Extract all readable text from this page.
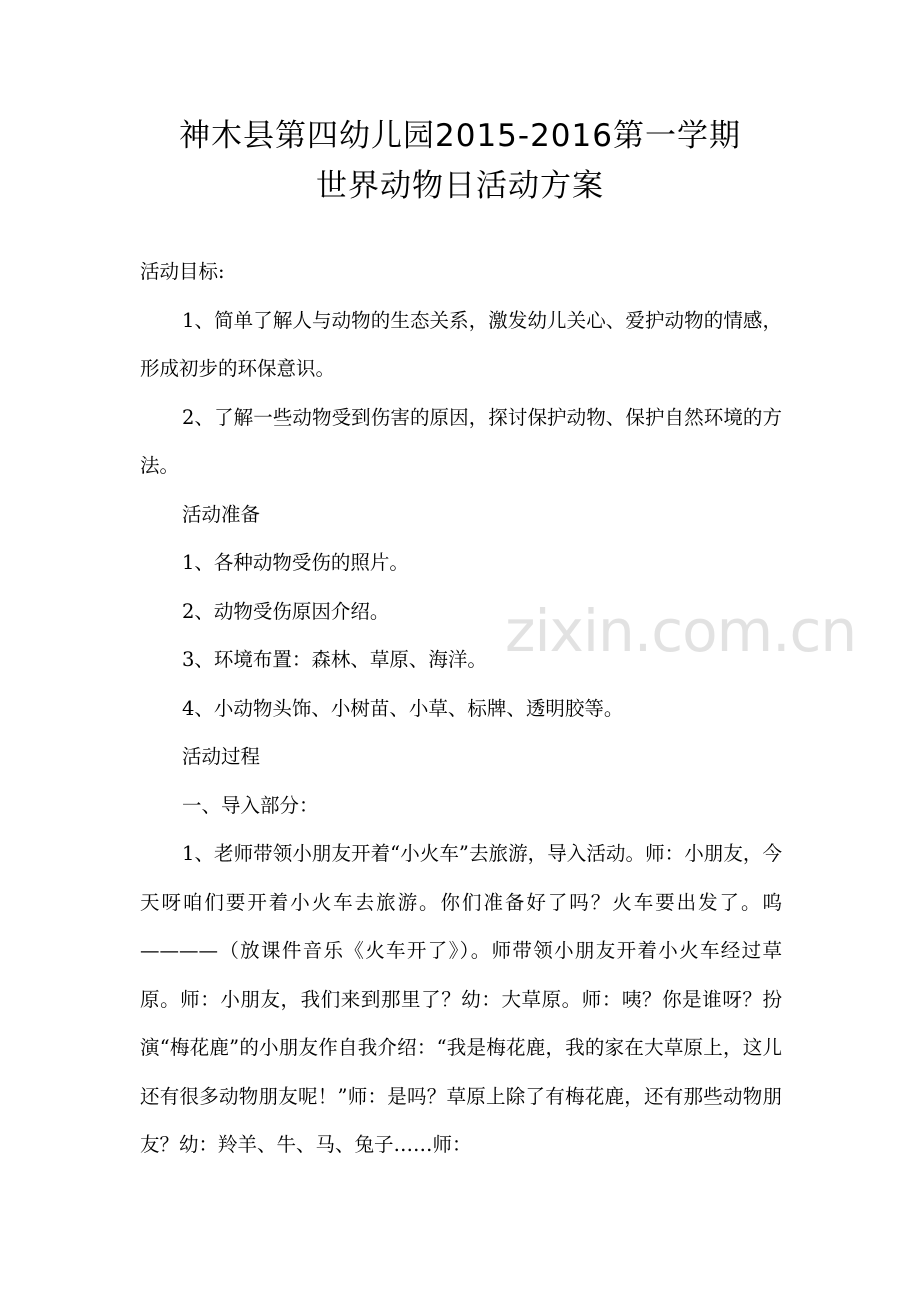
神木县第四幼儿园2015-2016第一学期
世界动物日活动方案

活动目标:

1、简单了解人与动物的生态关系，激发幼儿关心、爱护动物的情感，形成初步的环保意识。

2、了解一些动物受到伤害的原因，探讨保护动物、保护自然环境的方法。

活动准备

1、各种动物受伤的照片。

2、动物受伤原因介绍。

3、环境布置：森林、草原、海洋。

4、小动物头饰、小树苗、小草、标牌、透明胶等。

活动过程

一、导入部分：

1、老师带领小朋友开着“小火车”去旅游，导入活动。师：小朋友，今天呀咱们要开着小火车去旅游。你们准备好了吗？火车要出发了。呜————（放课件音乐《火车开了》）。师带领小朋友开着小火车经过草原。师：小朋友，我们来到那里了？幼：大草原。师：咦？你是谁呀？扮演“梅花鹿”的小朋友作自我介绍：“我是梅花鹿，我的家在大草原上，这儿还有很多动物朋友呢！”师：是吗？草原上除了有梅花鹿，还有那些动物朋友？幼：羚羊、牛、马、兔子……师：

zixin.com.cn
